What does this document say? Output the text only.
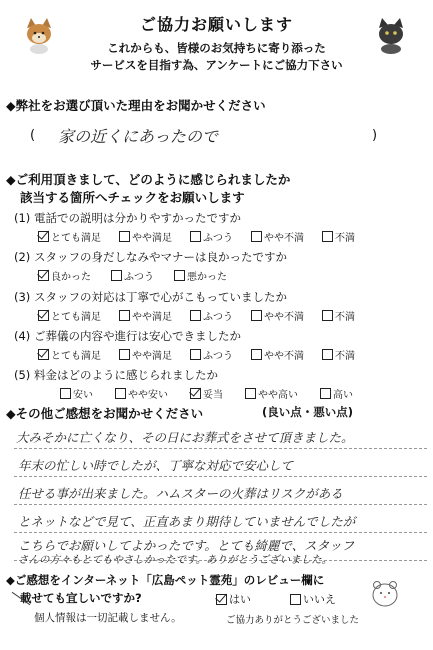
ご協力お願いします
これからも、皆様のお気持ちに寄り添った
サービスを目指す為、アンケートにご協力下さい
◆弊社をお選び頂いた理由をお聞かせください
( 家の近くにあったので	)
◆ご利用頂きまして、どのように感じられましたか
該当する箇所へチェックをお願いします
(1) 電話での説明は分かりやすかったですか
とても満足	やや満足	ふつう	やや不満	不満
(2) スタッフの身だしなみやマナーは良かったですか
良かった	ふつう	悪かった
(3) スタッフの対応は丁寧で心がこもっていましたか
とても満足	やや満足	ふつう	やや不満	不満
(4) ご葬儀の内容や進行は安心できましたか
とても満足	やや満足	ふつう	やや不満	不満
(5) 料金はどのように感じられましたか
安い	やや安い	妥当	やや高い	高い
◆その他ご感想をお聞かせください	(良い点・悪い点)
大みそかに亡くなり、その日にお葬式をさせて頂きました。
年末の忙しい時でしたが、丁寧な対応で安心して
任せる事が出来ました。ハムスターの火葬はリスクがある
とネットなどで見て、正直あまり期待していませんでしたが
こちらでお願いしてよかったです。とても綺麗で、スタッフ
さんの方々もとてもやさしかったです。ありがとうございました。
◆ご感想をインターネット「広島ペット霊苑」のレビュー欄に
載せても宜しいですか?	はい	いいえ
個人情報は一切記載しません。	ご協力ありがとうございました
